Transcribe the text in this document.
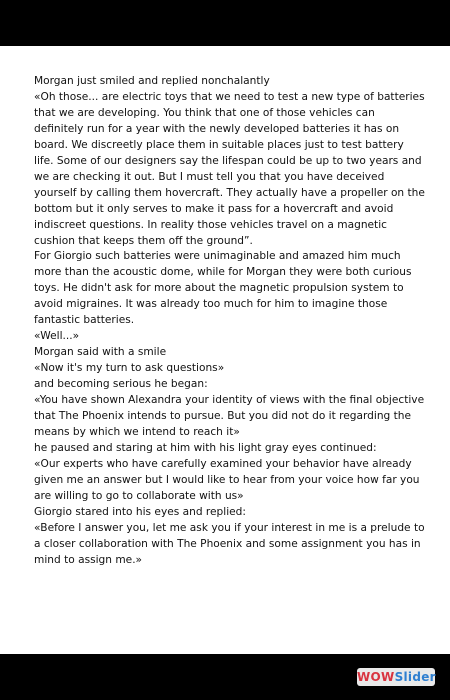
Morgan just smiled and replied nonchalantly

«Oh those... are electric toys that we need to test a new type of batteries that we are developing. You think that one of those vehicles can definitely run for a year with the newly developed batteries it has on board. We discreetly place them in suitable places just to test battery life. Some of our designers say the lifespan could be up to two years and we are checking it out. But I must tell you that you have deceived yourself by calling them hovercraft. They actually have a propeller on the bottom but it only serves to make it pass for a hovercraft and avoid indiscreet questions. In reality those vehicles travel on a magnetic cushion that keeps them off the ground”.

For Giorgio such batteries were unimaginable and amazed him much more than the acoustic dome, while for Morgan they were both curious toys. He didn't ask for more about the magnetic propulsion system to avoid migraines. It was already too much for him to imagine those fantastic batteries.

«Well...»

Morgan said with a smile

«Now it's my turn to ask questions»

and becoming serious he began:

«You have shown Alexandra your identity of views with the final objective that The Phoenix intends to pursue. But you did not do it regarding the means by which we intend to reach it»

he paused and staring at him with his light gray eyes continued:

«Our experts who have carefully examined your behavior have already given me an answer but I would like to hear from your voice how far you are willing to go to collaborate with us»

Giorgio stared into his eyes and replied:

«Before I answer you, let me ask you if your interest in me is a prelude to a closer collaboration with The Phoenix and some assignment you has in mind to assign me.»

WOWSlider
